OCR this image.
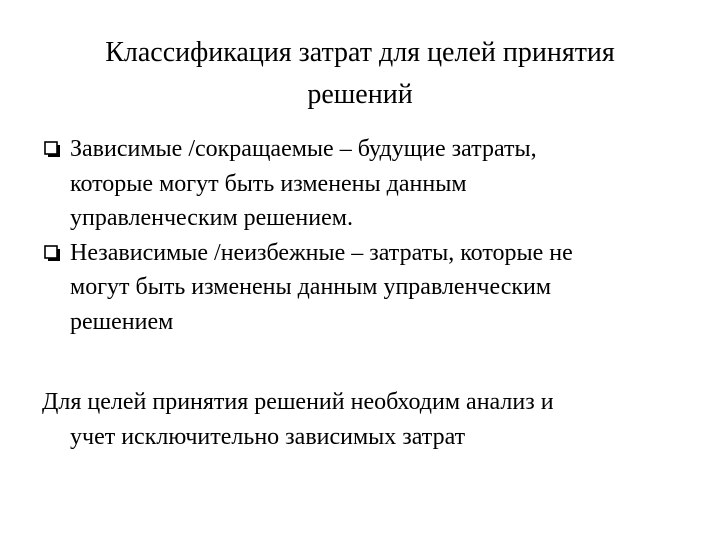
Классификация затрат для целей принятия
решений

Зависимые /сокращаемые – будущие затраты,
которые могут быть изменены данным
управленческим решением.

Независимые /неизбежные – затраты, которые не
могут быть изменены данным управленческим
решением

Для целей принятия решений необходим анализ и
учет исключительно зависимых затрат
